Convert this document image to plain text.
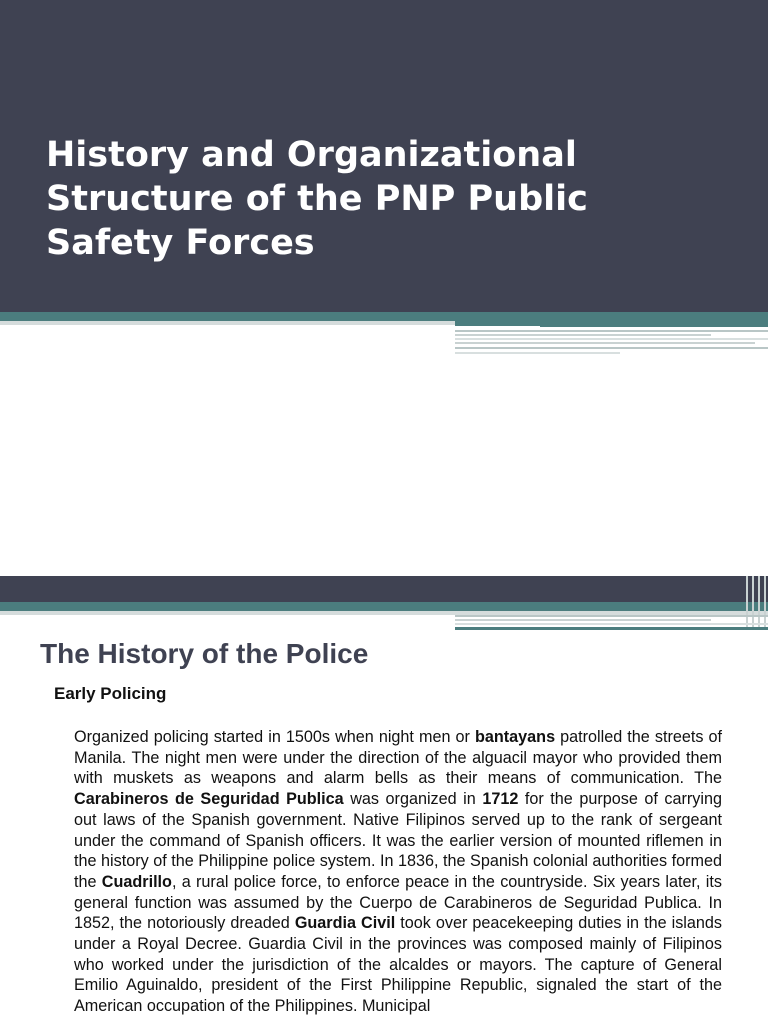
History and Organizational Structure of the PNP Public Safety Forces
The History of the Police
Early Policing

Organized policing started in 1500s when night men or bantayans patrolled the streets of Manila. The night men were under the direction of the alguacil mayor who provided them with muskets as weapons and alarm bells as their means of communication. The Carabineros de Seguridad Publica was organized in 1712 for the purpose of carrying out laws of the Spanish government. Native Filipinos served up to the rank of sergeant under the command of Spanish officers. It was the earlier version of mounted riflemen in the history of the Philippine police system. In 1836, the Spanish colonial authorities formed the Cuadrillo, a rural police force, to enforce peace in the countryside. Six years later, its general function was assumed by the Cuerpo de Carabineros de Seguridad Publica. In 1852, the notoriously dreaded Guardia Civil took over peacekeeping duties in the islands under a Royal Decree. Guardia Civil in the provinces was composed mainly of Filipinos who worked under the jurisdiction of the alcaldes or mayors. The capture of General Emilio Aguinaldo, president of the First Philippine Republic, signaled the start of the American occupation of the Philippines. Municipal
